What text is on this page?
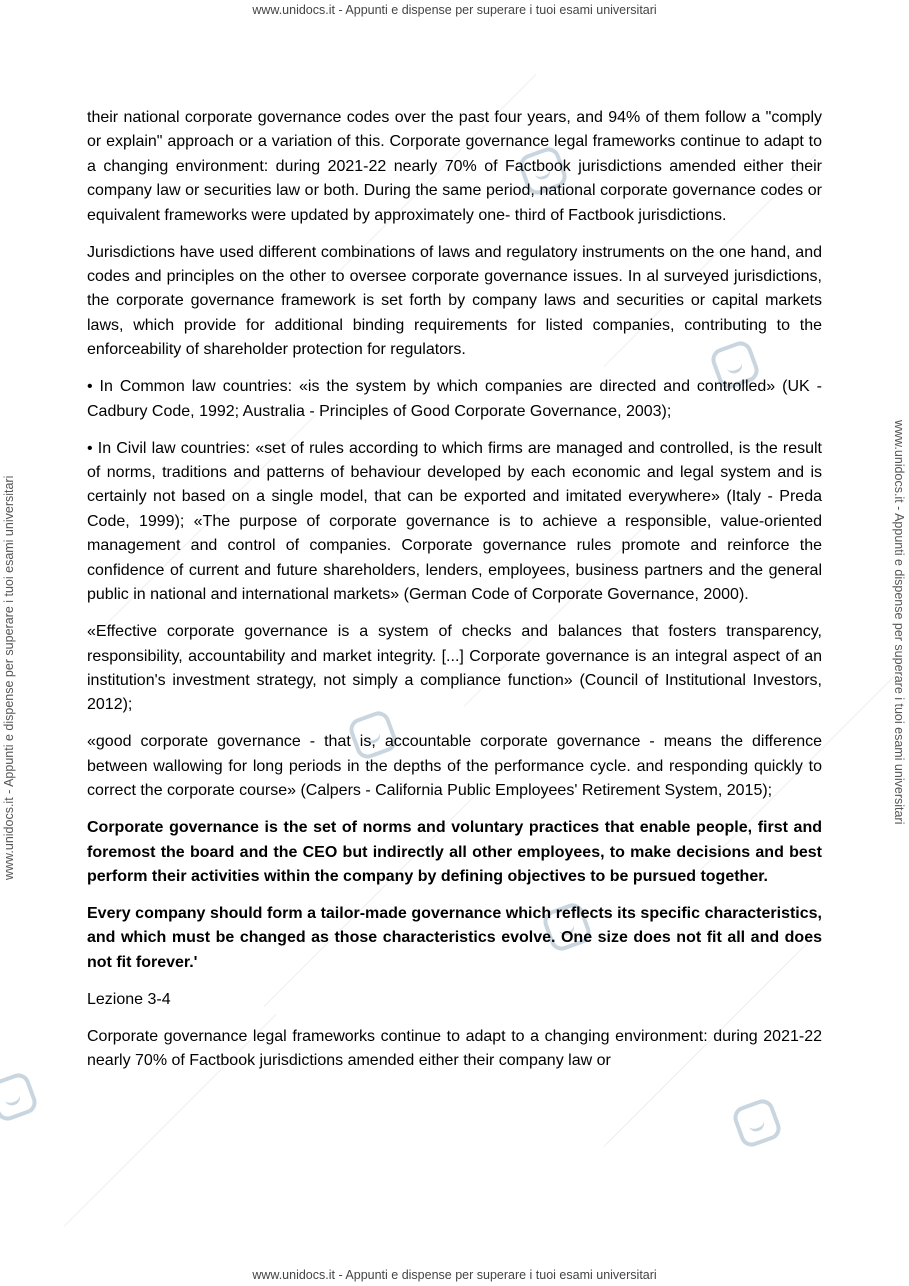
www.unidocs.it - Appunti e dispense per superare i tuoi esami universitari
www.unidocs.it - Appunti e dispense per superare i tuoi esami universitari
www.unidocs.it - Appunti e dispense per superare i tuoi esami universitari	www.unidocs.it - Appunti e dispense per superare i tuoi esami universitari

their national corporate governance codes over the past four years, and 94% of them follow a "comply or explain" approach or a variation of this. Corporate governance legal frameworks continue to adapt to a changing environment: during 2021-22 nearly 70% of Factbook jurisdictions amended either their company law or securities law or both. During the same period, national corporate governance codes or equivalent frameworks were updated by approximately one- third of Factbook jurisdictions.

Jurisdictions have used different combinations of laws and regulatory instruments on the one hand, and codes and principles on the other to oversee corporate governance issues. In al surveyed jurisdictions, the corporate governance framework is set forth by company laws and securities or capital markets laws, which provide for additional binding requirements for listed companies, contributing to the enforceability of shareholder protection for regulators.

• In Common law countries: «is the system by which companies are directed and controlled» (UK - Cadbury Code, 1992; Australia - Principles of Good Corporate Governance, 2003);

• In Civil law countries: «set of rules according to which firms are managed and controlled, is the result of norms, traditions and patterns of behaviour developed by each economic and legal system and is certainly not based on a single model, that can be exported and imitated everywhere» (Italy - Preda Code, 1999); «The purpose of corporate governance is to achieve a responsible, value-oriented management and control of companies. Corporate governance rules promote and reinforce the confidence of current and future shareholders, lenders, employees, business partners and the general public in national and international markets» (German Code of Corporate Governance, 2000).

«Effective corporate governance is a system of checks and balances that fosters transparency, responsibility, accountability and market integrity. [...] Corporate governance is an integral aspect of an institution's investment strategy, not simply a compliance function» (Council of Institutional Investors, 2012);

«good corporate governance - that is, accountable corporate governance - means the difference between wallowing for long periods in the depths of the performance cycle. and responding quickly to correct the corporate course» (Calpers - California Public Employees' Retirement System, 2015);

Corporate governance is the set of norms and voluntary practices that enable people, first and foremost the board and the CEO but indirectly all other employees, to make decisions and best perform their activities within the company by defining objectives to be pursued together.

Every company should form a tailor-made governance which reflects its specific characteristics, and which must be changed as those characteristics evolve. One size does not fit all and does not fit forever.'

Lezione 3-4

Corporate governance legal frameworks continue to adapt to a changing environment: during 2021-22 nearly 70% of Factbook jurisdictions amended either their company law or
